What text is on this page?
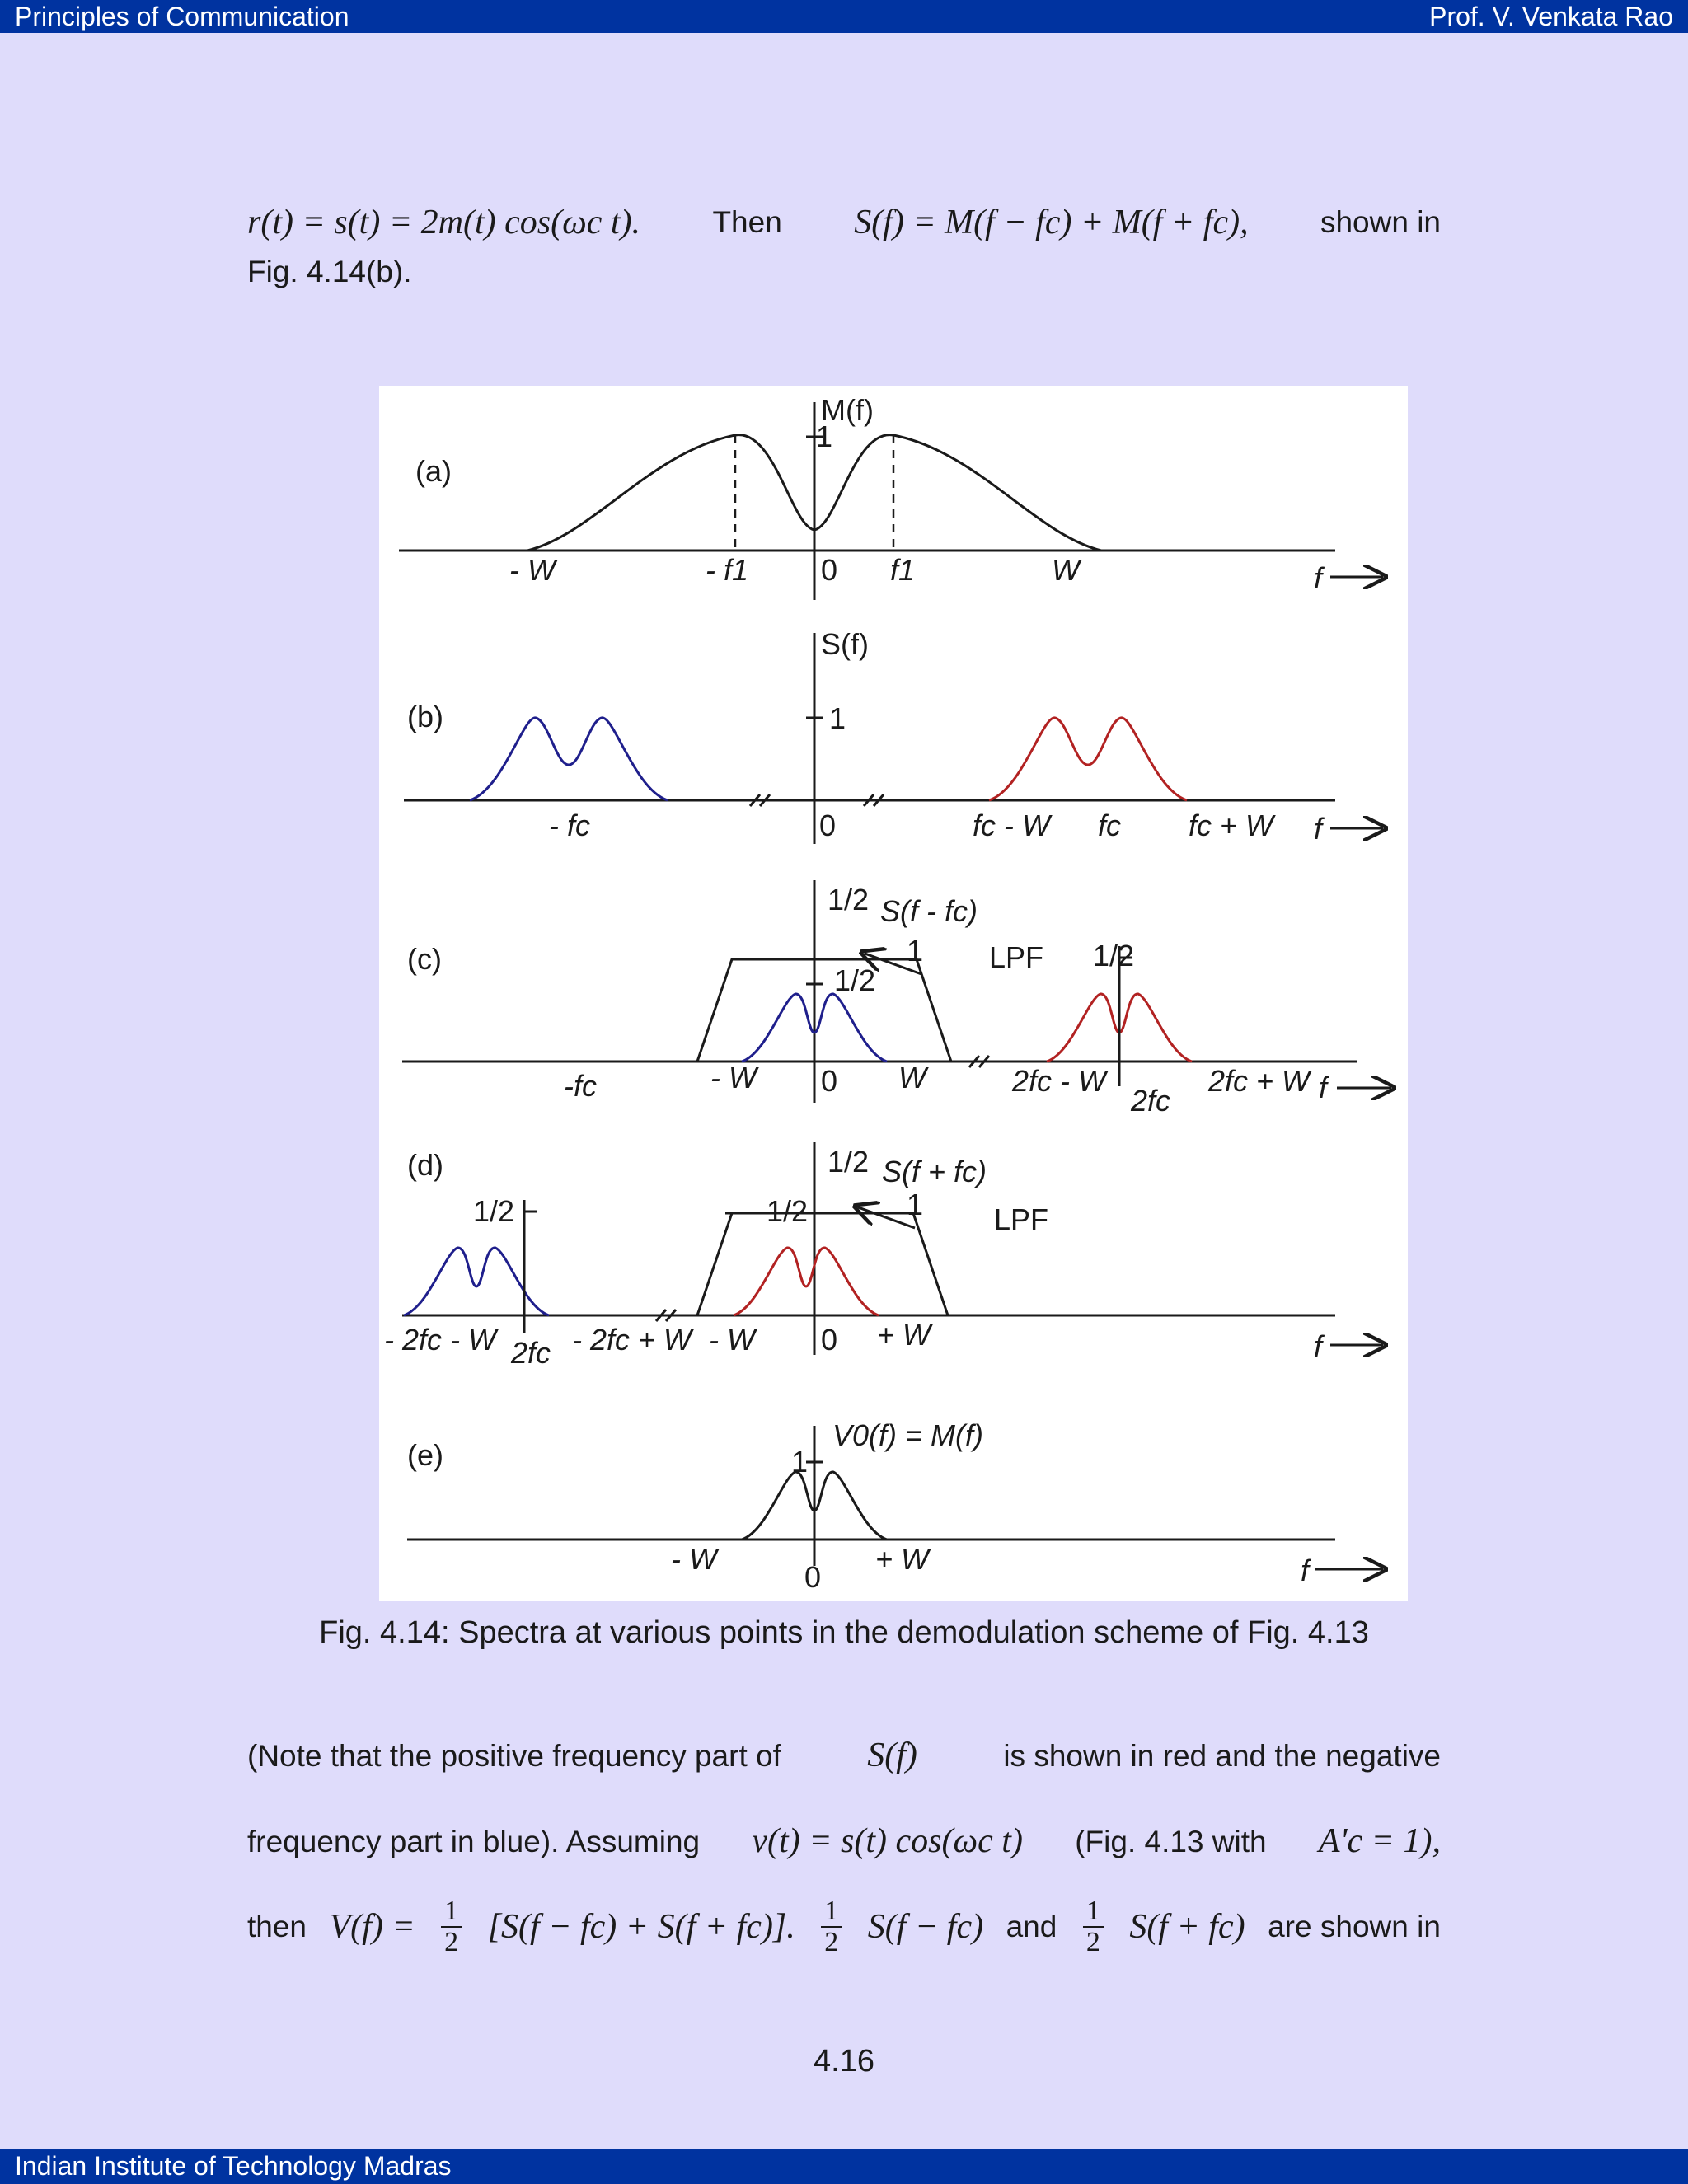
Principles of Communication	Prof. V. Venkata Rao
r(t) = s(t) = 2m(t) cos(ωc t). Then S(f) = M(f − fc) + M(f + fc), shown in
Fig. 4.14(b).
(a)
M(f)
1
- W	- f1 0 f1	W	f
(b)
S(f)
1
- fc	0	fc - W fc fc + W f
(c)
1/2 S(f - fc)
1
1/2
LPF 1/2
-fc	- W 0 W	2fc - W
2fc
2fc + W f
(d)	1/2 S(f + fc)
1
1/2	1/2	LPF
- 2fc - W 2fc - 2fc + W - W 0 + W	f
(e)
V0(f) = M(f)
1
- W
0
+ W	f
Fig. 4.14: Spectra at various points in the demodulation scheme of Fig. 4.13
(Note that the positive frequency part of S(f)	is shown in red and the negative
frequency part in blue). Assuming v(t) = s(t) cos(ωc t) (Fig. 4.13 with A'c = 1),
then $V(f) = \frac{1}{2} [S(f - fc) + S(f + fc)]$. $\frac{1}{2} S(f - fc)$ and $\frac{1}{2} S(f + fc)$ are shown in
4.16
Indian Institute of Technology Madras
